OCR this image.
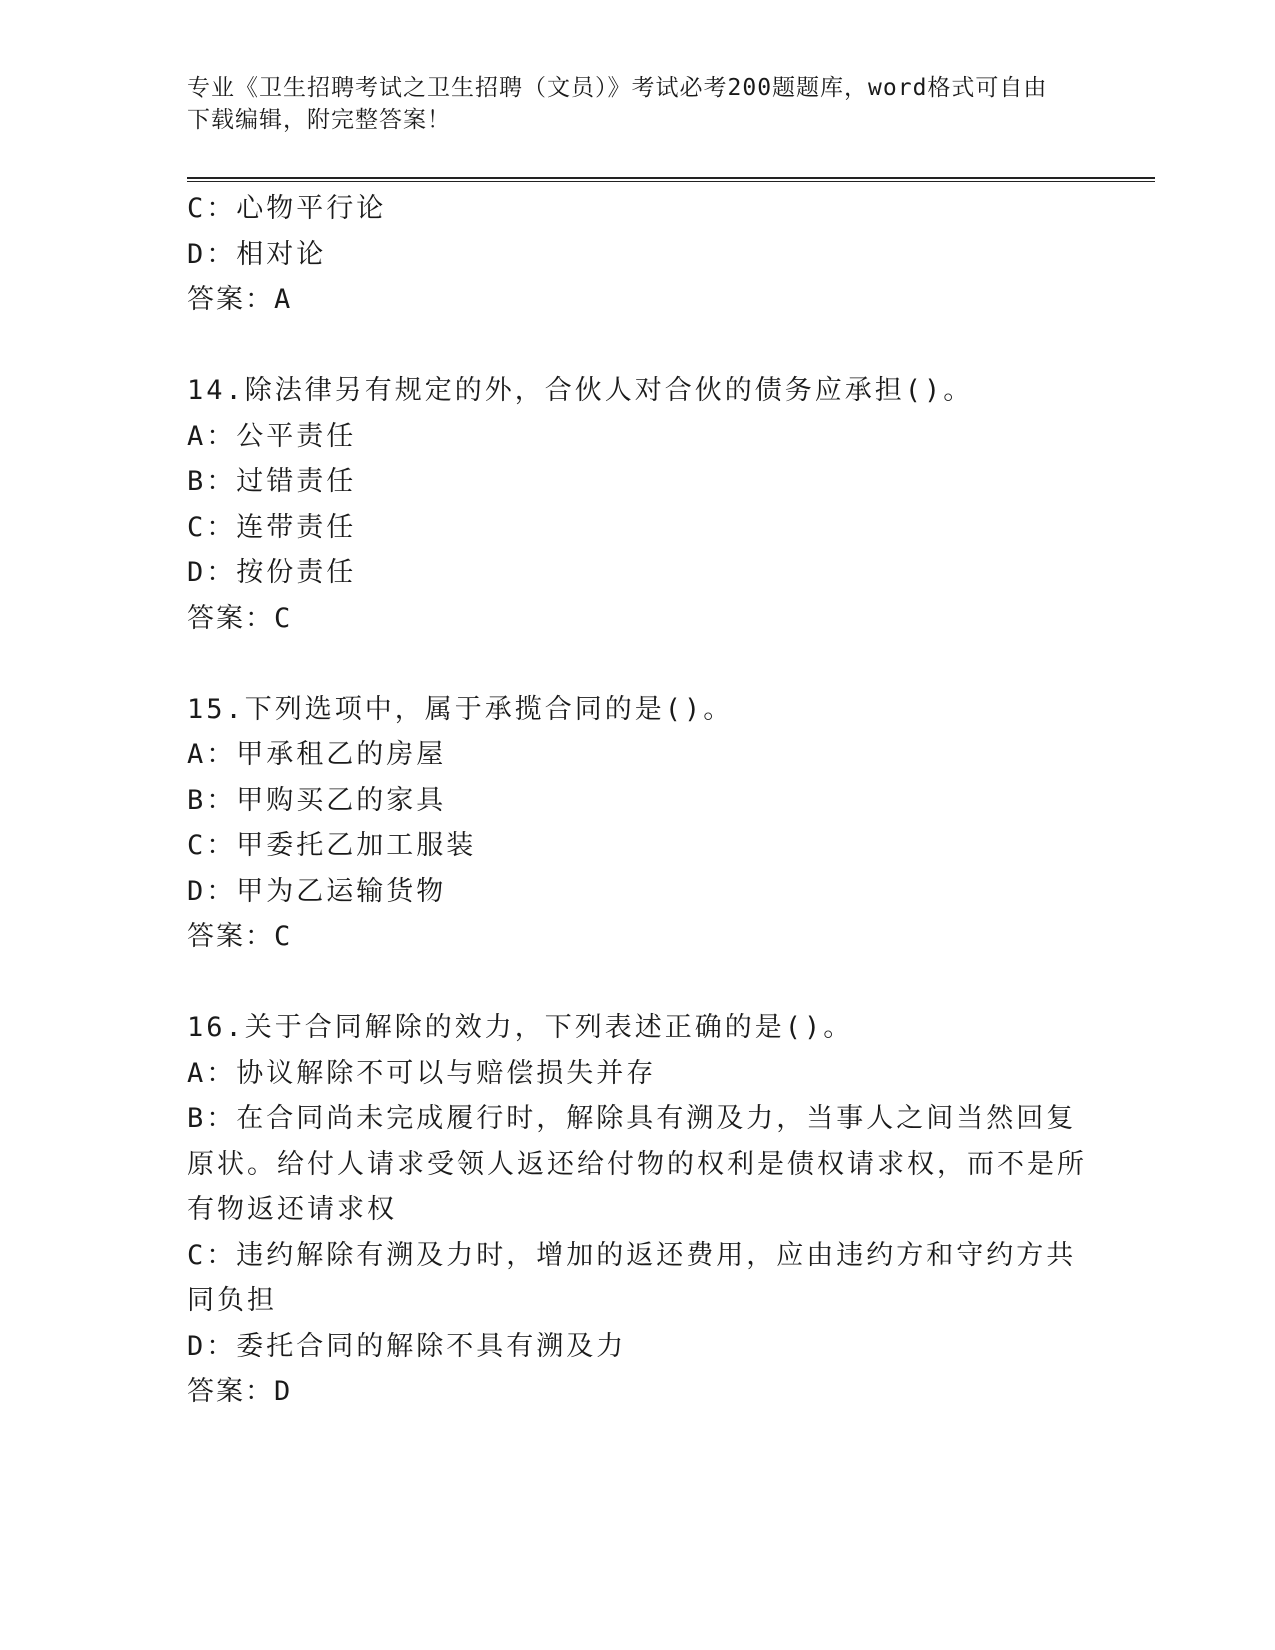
专业《卫生招聘考试之卫生招聘（文员）》考试必考200题题库，word格式可自由下载编辑，附完整答案！
C：心物平行论
D：相对论
答案：A
14.除法律另有规定的外，合伙人对合伙的债务应承担()。
A：公平责任
B：过错责任
C：连带责任
D：按份责任
答案：C
15.下列选项中，属于承揽合同的是()。
A：甲承租乙的房屋
B：甲购买乙的家具
C：甲委托乙加工服装
D：甲为乙运输货物
答案：C
16.关于合同解除的效力，下列表述正确的是()。
A：协议解除不可以与赔偿损失并存
B：在合同尚未完成履行时，解除具有溯及力，当事人之间当然回复原状。给付人请求受领人返还给付物的权利是债权请求权，而不是所有物返还请求权
C：违约解除有溯及力时，增加的返还费用，应由违约方和守约方共同负担
D：委托合同的解除不具有溯及力
答案：D
